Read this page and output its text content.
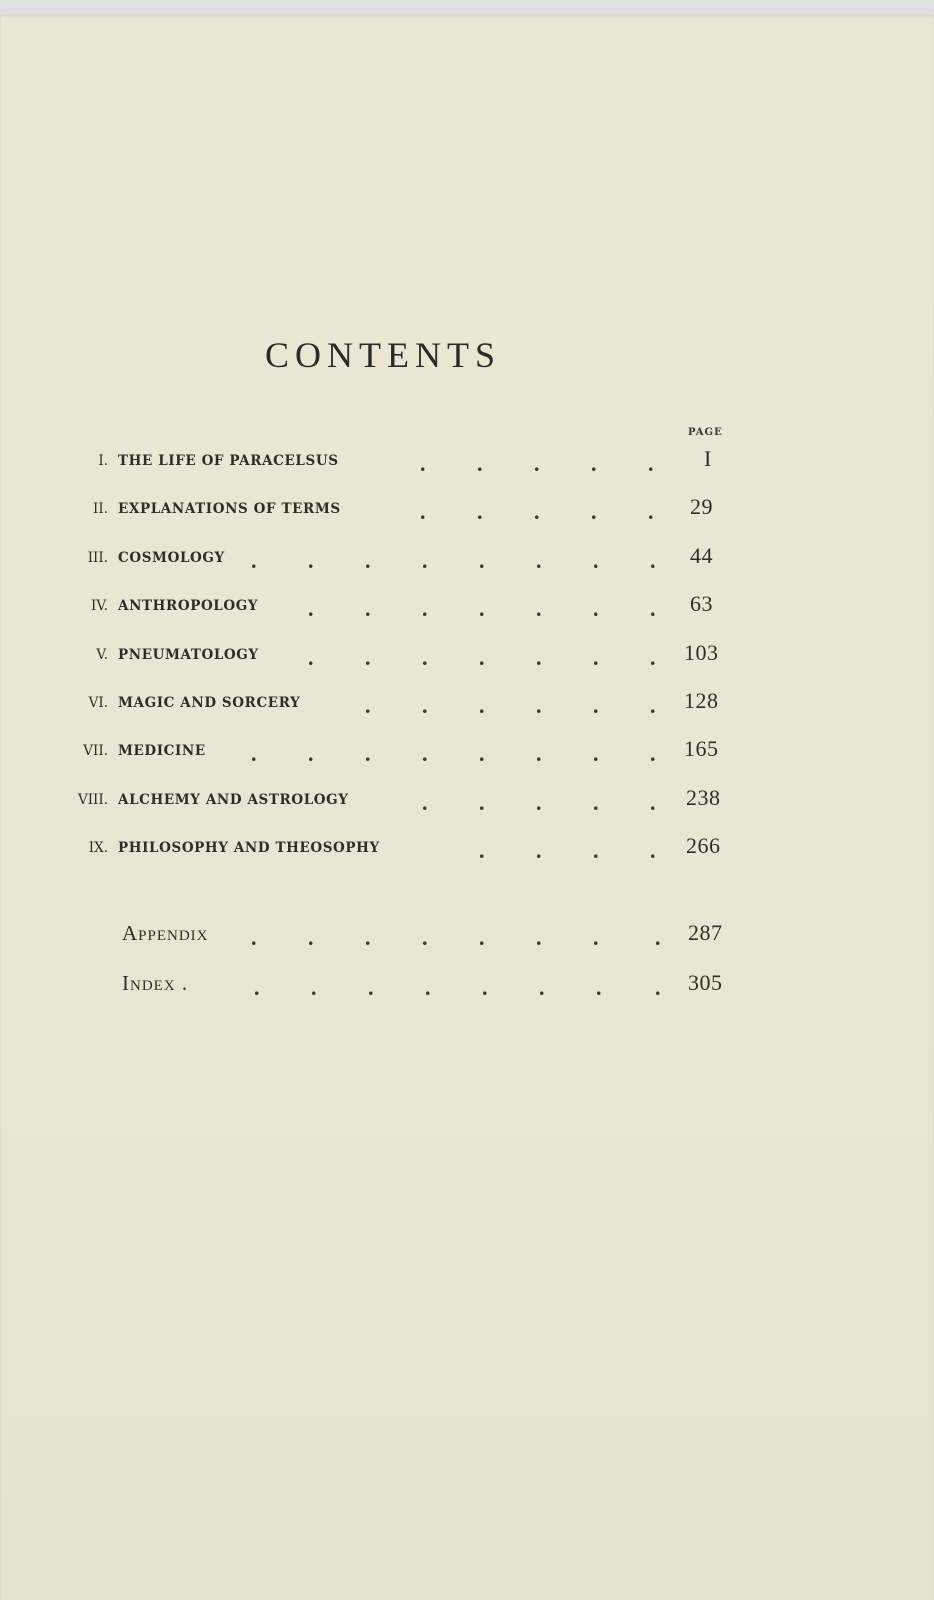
CONTENTS
PAGE
I. THE LIFE OF PARACELSUS	. . . . . I
II. EXPLANATIONS OF TERMS	. . . . . 29
III. COSMOLOGY . . . . . . . . 44
IV. ANTHROPOLOGY . . . . . . . 63
V. PNEUMATOLOGY . . . . . . . 103
VI. MAGIC AND SORCERY	. . . . . . 128
VII. MEDICINE . . . . . . . . 165
VIII. ALCHEMY AND ASTROLOGY	. . . . . 238
IX. PHILOSOPHY AND THEOSOPHY	. . . . 266
Appendix . . . . . . .	. 287
Index .	. . . . . . . . 305
